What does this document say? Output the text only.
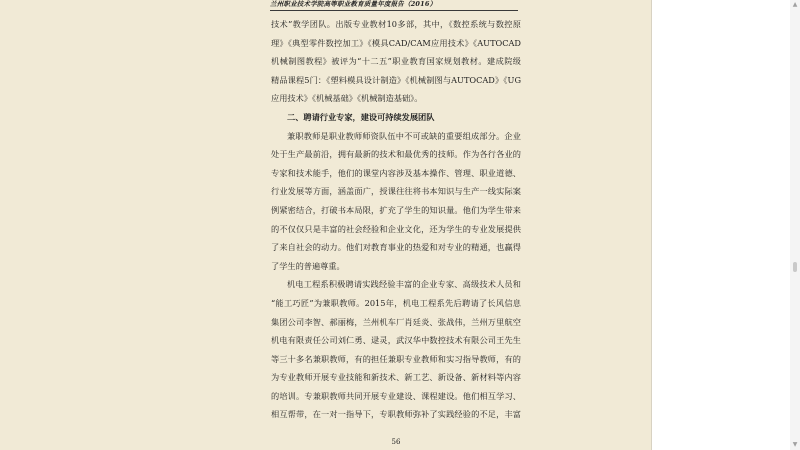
兰州职业技术学院高等职业教育质量年度报告（2016）
技术”教学团队。出版专业教材10多部，其中，《数控系统与数控原
理》《典型零件数控加工》《模具CAD/CAM应用技术》《AUTOCAD
机械制图教程》被评为“十二五”职业教育国家规划教材。建成院级
精品课程5门：《塑料模具设计制造》《机械制图与AUTOCAD》《UG
应用技术》《机械基础》《机械制造基础》。
二、聘请行业专家，建设可持续发展团队
兼职教师是职业教师师资队伍中不可或缺的重要组成部分。企业
处于生产最前沿，拥有最新的技术和最优秀的技师。作为各行各业的
专家和技术能手，他们的课堂内容涉及基本操作、管理、职业道德、
行业发展等方面，涵盖面广，授课往往将书本知识与生产一线实际案
例紧密结合，打破书本局限，扩充了学生的知识量。他们为学生带来
的不仅仅只是丰富的社会经验和企业文化，还为学生的专业发展提供
了来自社会的动力。他们对教育事业的热爱和对专业的精通，也赢得
了学生的普遍尊重。
机电工程系积极聘请实践经验丰富的企业专家、高级技术人员和
“能工巧匠”为兼职教师。2015年，机电工程系先后聘请了长风信息
集团公司李智、郝丽梅，兰州机车厂肖廷炎、张战伟，兰州万里航空
机电有限责任公司刘仁勇、逯灵，武汉华中数控技术有限公司王先生
等三十多名兼职教师，有的担任兼职专业教师和实习指导教师，有的
为专业教师开展专业技能和新技术、新工艺、新设备、新材料等内容
的培训。专兼职教师共同开展专业建设、课程建设。他们相互学习、
相互帮带，在一对一指导下，专职教师弥补了实践经验的不足，丰富
56
▲
▼
